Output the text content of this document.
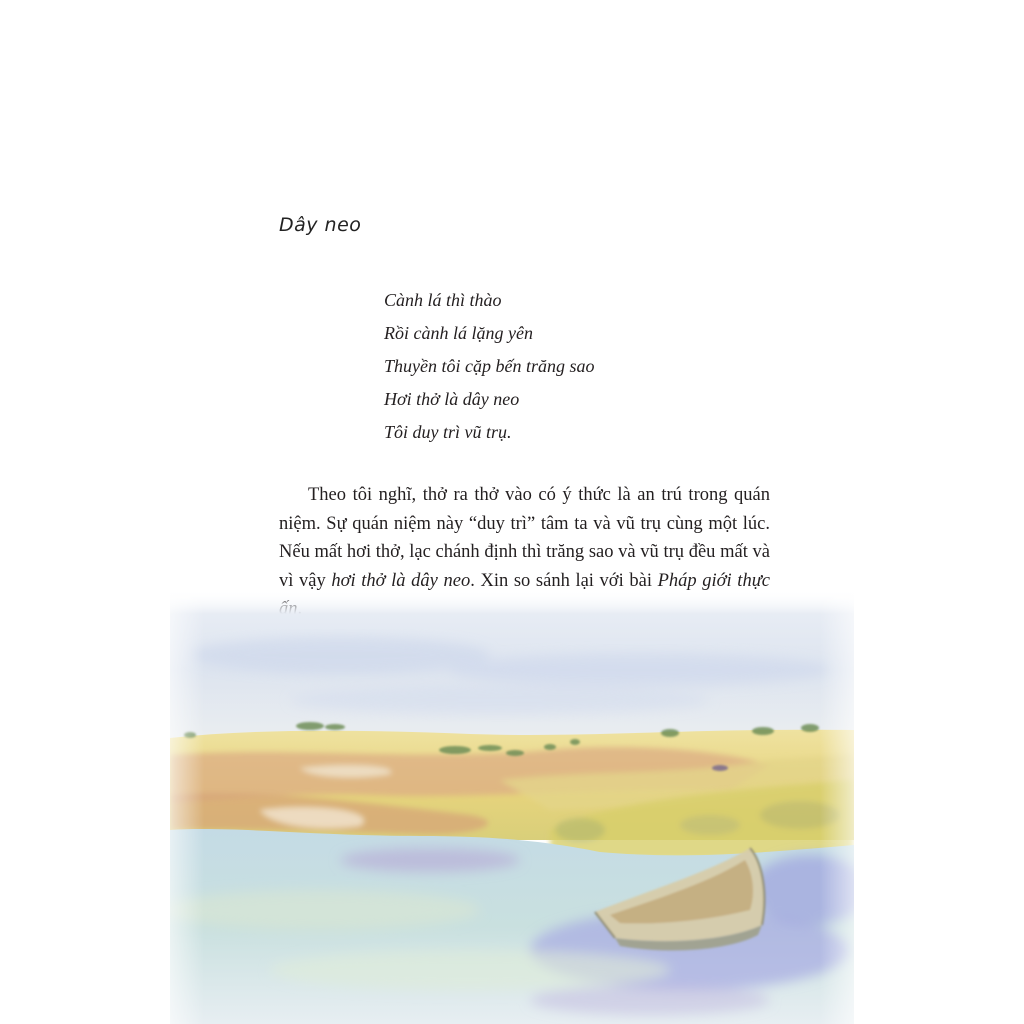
Dây neo
Cành lá thì thào
Rồi cành lá lặng yên
Thuyền tôi cặp bến trăng sao
Hơi thở là dây neo
Tôi duy trì vũ trụ.

Theo tôi nghĩ, thở ra thở vào có ý thức là an trú trong quán niệm. Sự quán niệm này “duy trì” tâm ta và vũ trụ cùng một lúc. Nếu mất hơi thở, lạc chánh định thì trăng sao và vũ trụ đều mất và vì vậy hơi thở là dây neo. Xin so sánh lại với bài Pháp giới thực
